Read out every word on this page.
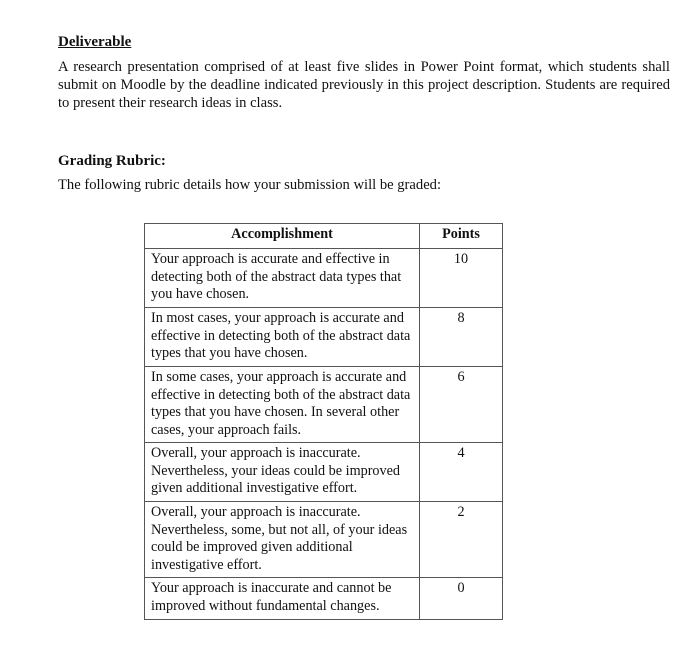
Deliverable

A research presentation comprised of at least five slides in Power Point format, which students shall submit on Moodle by the deadline indicated previously in this project description. Students are required to present their research ideas in class.

Grading Rubric:

The following rubric details how your submission will be graded:

Accomplishment	Points
Your approach is accurate and effective in detecting both of the abstract data types that you have chosen.	10
In most cases, your approach is accurate and effective in detecting both of the abstract data types that you have chosen.	8
In some cases, your approach is accurate and effective in detecting both of the abstract data types that you have chosen. In several other cases, your approach fails.	6
Overall, your approach is inaccurate. Nevertheless, your ideas could be improved given additional investigative effort.	4
Overall, your approach is inaccurate. Nevertheless, some, but not all, of your ideas could be improved given additional investigative effort.	2
Your approach is inaccurate and cannot be improved without fundamental changes.	0
